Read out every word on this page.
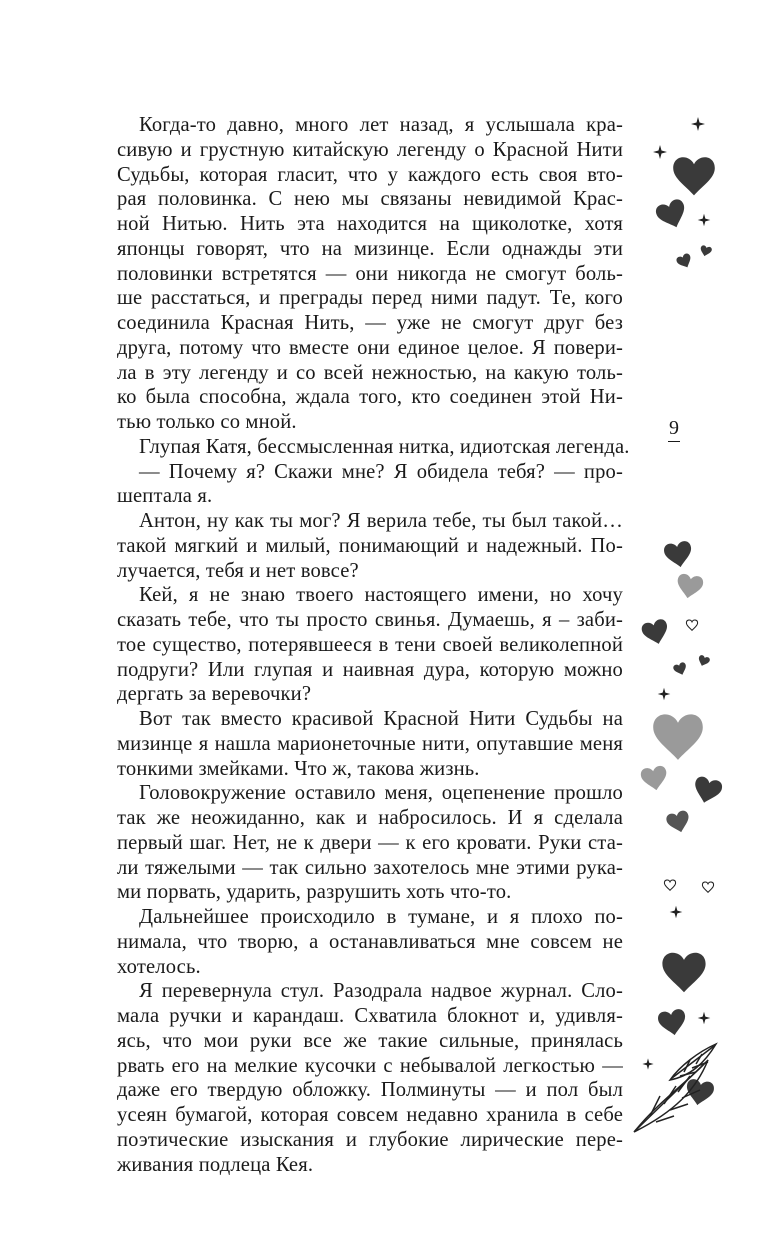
Когда-то давно, много лет назад, я услышала кра-
сивую и грустную китайскую легенду о Красной Нити
Судьбы, которая гласит, что у каждого есть своя вто-
рая половинка. С нею мы связаны невидимой Крас-
ной Нитью. Нить эта находится на щиколотке, хотя
японцы говорят, что на мизинце. Если однажды эти
половинки встретятся — они никогда не смогут боль-
ше расстаться, и преграды перед ними падут. Те, кого
соединила Красная Нить, — уже не смогут друг без
друга, потому что вместе они единое целое. Я повери-
ла в эту легенду и со всей нежностью, на какую толь-
ко была способна, ждала того, кто соединен этой Ни-
тью только со мной.
Глупая Катя, бессмысленная нитка, идиотская легенда.
— Почему я? Скажи мне? Я обидела тебя? — про-
шептала я.
Антон, ну как ты мог? Я верила тебе, ты был такой…
такой мягкий и милый, понимающий и надежный. По-
лучается, тебя и нет вовсе?
Кей, я не знаю твоего настоящего имени, но хочу
сказать тебе, что ты просто свинья. Думаешь, я – заби-
тое существо, потерявшееся в тени своей великолепной
подруги? Или глупая и наивная дура, которую можно
дергать за веревочки?
Вот так вместо красивой Красной Нити Судьбы на
мизинце я нашла марионеточные нити, опутавшие меня
тонкими змейками. Что ж, такова жизнь.
Головокружение оставило меня, оцепенение прошло
так же неожиданно, как и набросилось. И я сделала
первый шаг. Нет, не к двери — к его кровати. Руки ста-
ли тяжелыми — так сильно захотелось мне этими рука-
ми порвать, ударить, разрушить хоть что-то.
Дальнейшее происходило в тумане, и я плохо по-
нимала, что творю, а останавливаться мне совсем не
хотелось.
Я перевернула стул. Разодрала надвое журнал. Сло-
мала ручки и карандаш. Схватила блокнот и, удивля-
ясь, что мои руки все же такие сильные, принялась
рвать его на мелкие кусочки с небывалой легкостью —
даже его твердую обложку. Полминуты — и пол был
усеян бумагой, которая совсем недавно хранила в себе
поэтические изыскания и глубокие лирические пере-
живания подлеца Кея.
9
